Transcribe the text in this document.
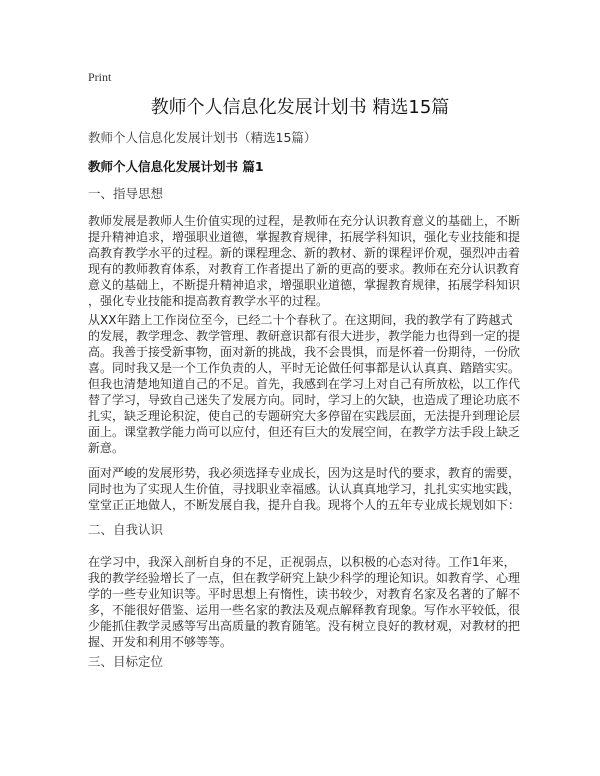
Print
教师个人信息化发展计划书 精选15篇
教师个人信息化发展计划书（精选15篇）
教师个人信息化发展计划书 篇1
一、指导思想
教师发展是教师人生价值实现的过程，是教师在充分认识教育意义的基础上，不断
提升精神追求，增强职业道德，掌握教育规律，拓展学科知识，强化专业技能和提
高教育教学水平的过程。新的课程理念、新的教材、新的课程评价观，强烈冲击着
现有的教师教育体系，对教育工作者提出了新的更高的要求。教师在充分认识教育
意义的基础上，不断提升精神追求，增强职业道德，掌握教育规律，拓展学科知识
，强化专业技能和提高教育教学水平的过程。
从XX年踏上工作岗位至今，已经二十个春秋了。在这期间，我的教学有了跨越式
的发展，教学理念、教学管理、教研意识都有很大进步，教学能力也得到一定的提
高。我善于接受新事物，面对新的挑战，我不会畏惧，而是怀着一份期待，一份欣
喜。同时我又是一个工作负责的人，平时无论做任何事都是认认真真、踏踏实实。
但我也清楚地知道自己的不足。首先，我感到在学习上对自己有所放松，以工作代
替了学习，导致自己迷失了发展方向。同时，学习上的欠缺，也造成了理论功底不
扎实，缺乏理论积淀，使自己的专题研究大多停留在实践层面，无法提升到理论层
面上。课堂教学能力尚可以应付，但还有巨大的发展空间，在教学方法手段上缺乏
新意。
面对严峻的发展形势，我必须选择专业成长，因为这是时代的要求，教育的需要，
同时也为了实现人生价值，寻找职业幸福感。认认真真地学习，扎扎实实地实践，
堂堂正正地做人，不断发展自我，提升自我。现将个人的五年专业成长规划如下：
二、自我认识
在学习中，我深入剖析自身的不足，正视弱点，以积极的心态对待。工作1年来，
我的教学经验增长了一点，但在教学研究上缺少科学的理论知识。如教育学、心理
学的一些专业知识等。平时思想上有惰性，读书较少，对教育名家及名著的了解不
多，不能很好借鉴、运用一些名家的教法及观点解释教育现象。写作水平较低，很
少能抓住教学灵感等写出高质量的教育随笔。没有树立良好的教材观，对教材的把
握、开发和利用不够等等。
三、目标定位
